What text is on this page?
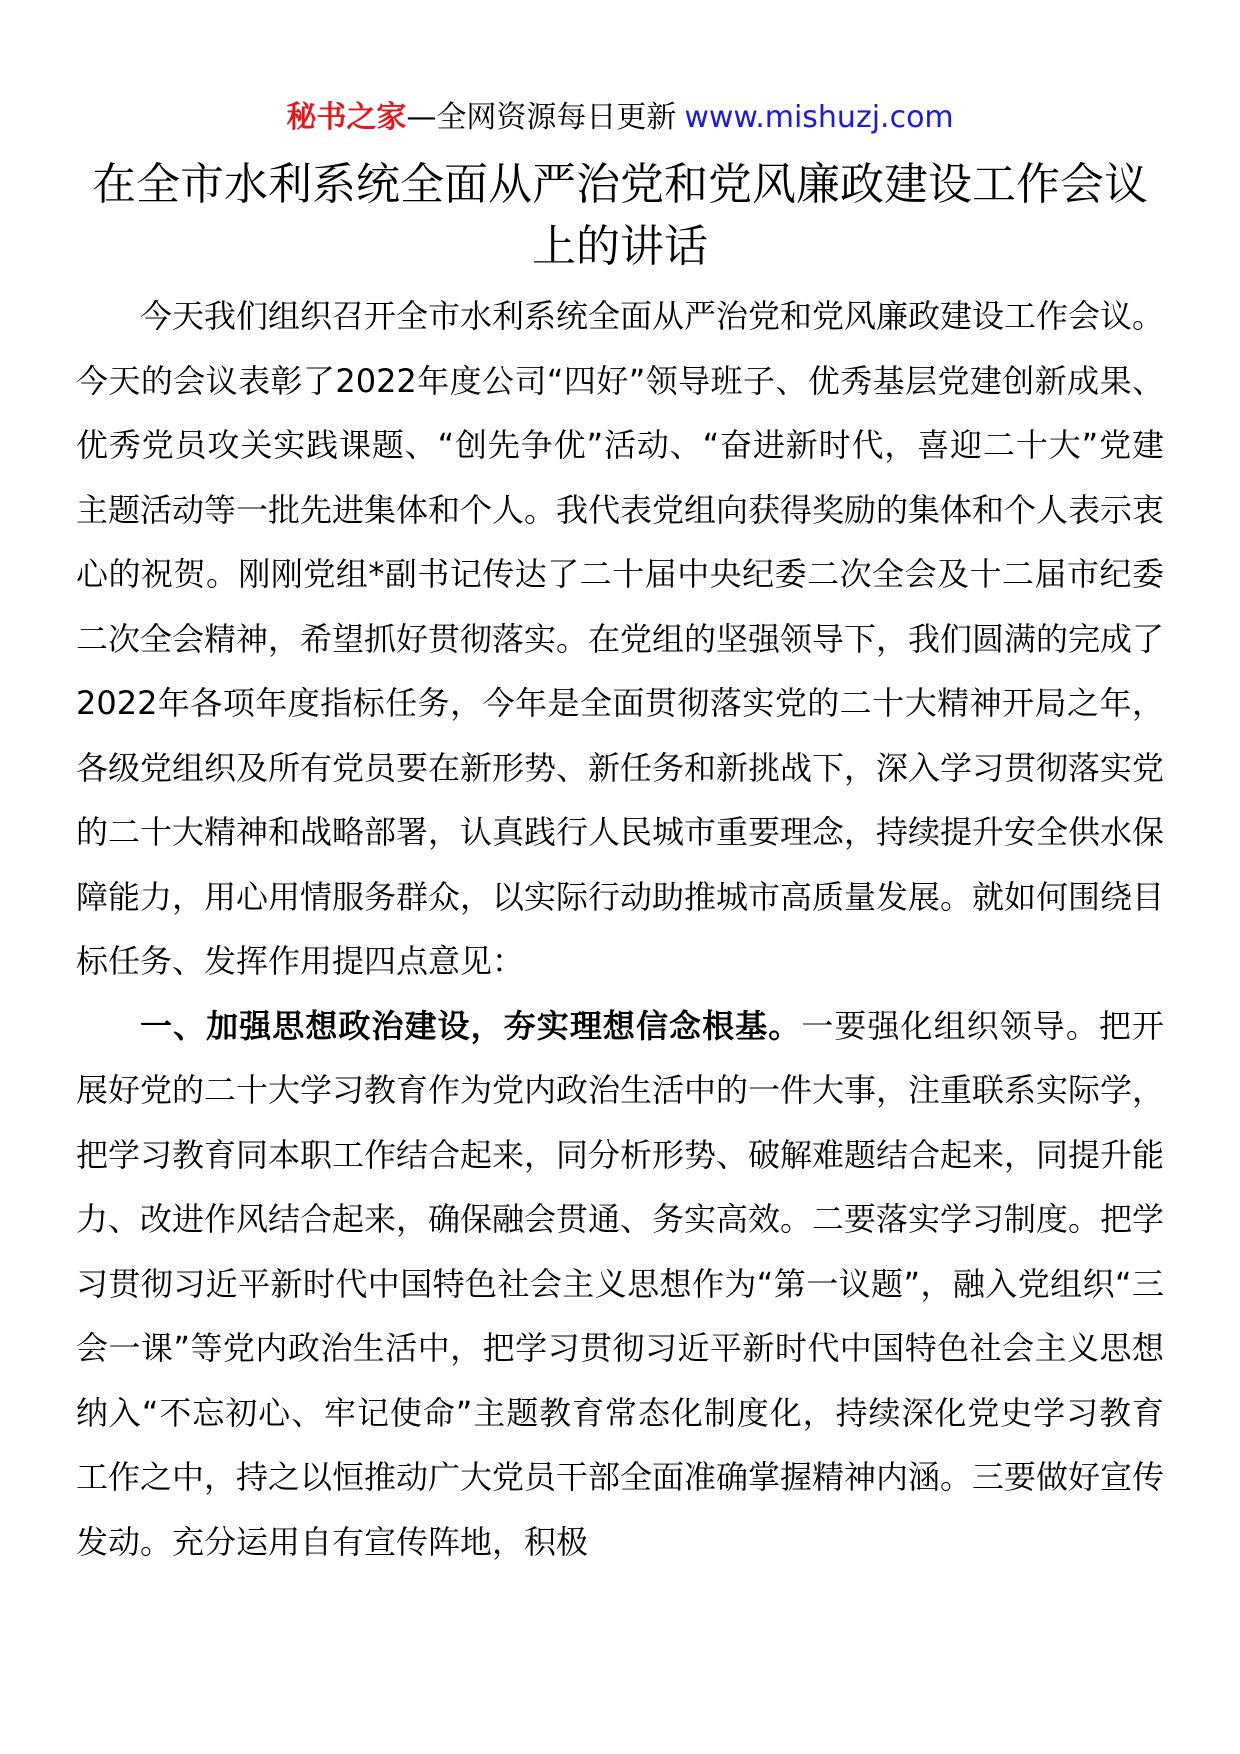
秘书之家—全网资源每日更新 www.mishuzj.com
在全市水利系统全面从严治党和党风廉政建设工作会议上的讲话

今天我们组织召开全市水利系统全面从严治党和党风廉政建设工作会议。今天的会议表彰了2022年度公司“四好”领导班子、优秀基层党建创新成果、优秀党员攻关实践课题、“创先争优”活动、“奋进新时代，喜迎二十大”党建主题活动等一批先进集体和个人。我代表党组向获得奖励的集体和个人表示衷心的祝贺。刚刚党组*副书记传达了二十届中央纪委二次全会及十二届市纪委二次全会精神，希望抓好贯彻落实。在党组的坚强领导下，我们圆满的完成了2022年各项年度指标任务，今年是全面贯彻落实党的二十大精神开局之年，各级党组织及所有党员要在新形势、新任务和新挑战下，深入学习贯彻落实党的二十大精神和战略部署，认真践行人民城市重要理念，持续提升安全供水保障能力，用心用情服务群众，以实际行动助推城市高质量发展。就如何围绕目标任务、发挥作用提四点意见：

一、加强思想政治建设，夯实理想信念根基。一要强化组织领导。把开展好党的二十大学习教育作为党内政治生活中的一件大事，注重联系实际学，把学习教育同本职工作结合起来，同分析形势、破解难题结合起来，同提升能力、改进作风结合起来，确保融会贯通、务实高效。二要落实学习制度。把学习贯彻习近平新时代中国特色社会主义思想作为“第一议题”，融入党组织“三会一课”等党内政治生活中，把学习贯彻习近平新时代中国特色社会主义思想纳入“不忘初心、牢记使命”主题教育常态化制度化，持续深化党史学习教育工作之中，持之以恒推动广大党员干部全面准确掌握精神内涵。三要做好宣传发动。充分运用自有宣传阵地，积极
